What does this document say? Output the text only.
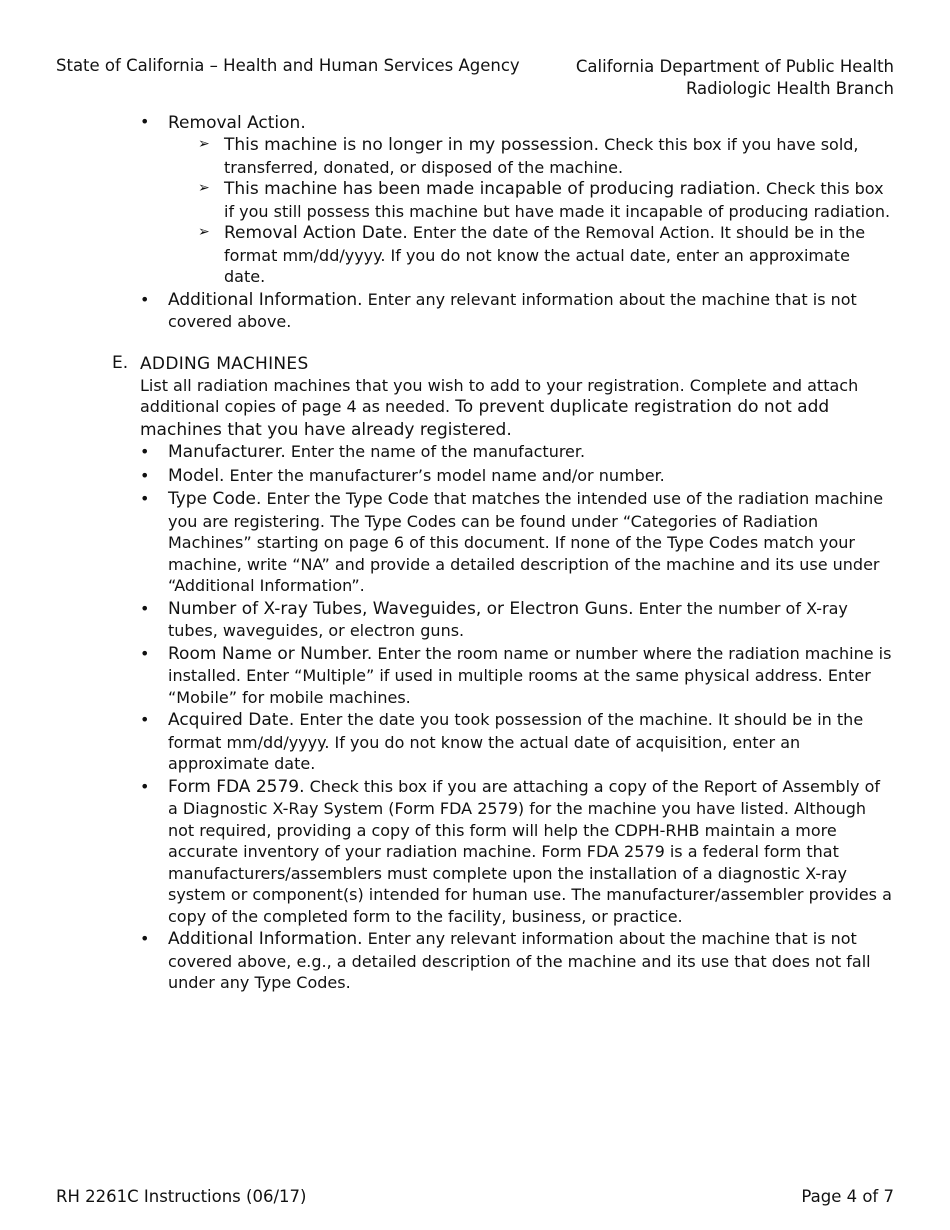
State of California – Health and Human Services Agency	California Department of Public Health
Radiologic Health Branch
• Removal Action.
➢ This machine is no longer in my possession. Check this box if you have sold, transferred, donated, or disposed of the machine.
➢ This machine has been made incapable of producing radiation. Check this box if you still possess this machine but have made it incapable of producing radiation.
➢ Removal Action Date. Enter the date of the Removal Action. It should be in the format mm/dd/yyyy. If you do not know the actual date, enter an approximate date.
• Additional Information. Enter any relevant information about the machine that is not covered above.
E. ADDING MACHINES

List all radiation machines that you wish to add to your registration. Complete and attach additional copies of page 4 as needed. To prevent duplicate registration do not add machines that you have already registered.

• Manufacturer. Enter the name of the manufacturer.
• Model. Enter the manufacturer’s model name and/or number.
• Type Code. Enter the Type Code that matches the intended use of the radiation machine you are registering. The Type Codes can be found under “Categories of Radiation Machines” starting on page 6 of this document. If none of the Type Codes match your machine, write “NA” and provide a detailed description of the machine and its use under “Additional Information”.
• Number of X-ray Tubes, Waveguides, or Electron Guns. Enter the number of X-ray tubes, waveguides, or electron guns.
• Room Name or Number. Enter the room name or number where the radiation machine is installed. Enter “Multiple” if used in multiple rooms at the same physical address. Enter “Mobile” for mobile machines.
• Acquired Date. Enter the date you took possession of the machine. It should be in the format mm/dd/yyyy. If you do not know the actual date of acquisition, enter an approximate date.
• Form FDA 2579. Check this box if you are attaching a copy of the Report of Assembly of a Diagnostic X-Ray System (Form FDA 2579) for the machine you have listed. Although not required, providing a copy of this form will help the CDPH-RHB maintain a more accurate inventory of your radiation machine. Form FDA 2579 is a federal form that manufacturers/assemblers must complete upon the installation of a diagnostic X-ray system or component(s) intended for human use. The manufacturer/assembler provides a copy of the completed form to the facility, business, or practice.
• Additional Information. Enter any relevant information about the machine that is not covered above, e.g., a detailed description of the machine and its use that does not fall under any Type Codes.
RH 2261C Instructions (06/17)	Page 4 of 7
